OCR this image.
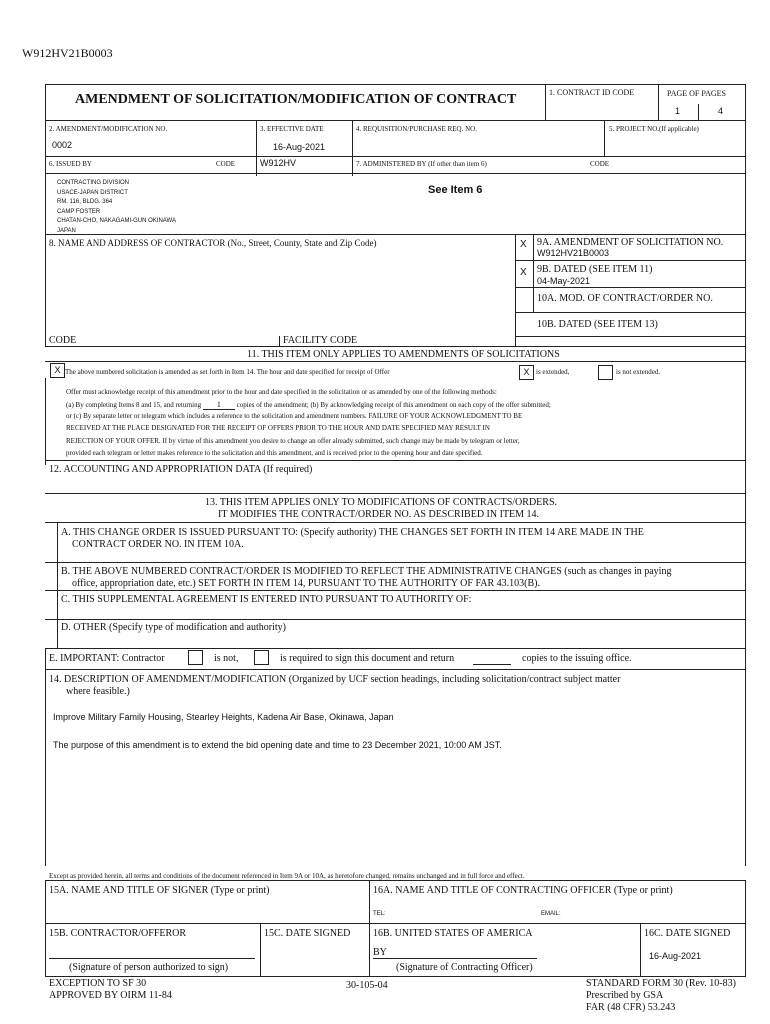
W912HV21B0003
AMENDMENT OF SOLICITATION/MODIFICATION OF CONTRACT	1. CONTRACT ID CODE	PAGE OF PAGES
1	4
2. AMENDMENT/MODIFICATION NO.
0002
3. EFFECTIVE DATE
16-Aug-2021
4. REQUISITION/PURCHASE REQ. NO.	5. PROJECT NO.(If applicable)
6. ISSUED BY	CODE	W912HV	7. ADMINISTERED BY (If other than item 6)	CODE
CONTRACTING DIVISION
USACE-JAPAN DISTRICT
RM. 116, BLDG. 364
CAMP FOSTER
CHATAN-CHO, NAKAGAMI-GUN OKINAWA
JAPAN
See Item 6
8. NAME AND ADDRESS OF CONTRACTOR (No., Street, County, State and Zip Code)	X 9A. AMENDMENT OF SOLICITATION NO.
W912HV21B0003
X 9B. DATED (SEE ITEM 11)
04-May-2021
10A. MOD. OF CONTRACT/ORDER NO.
10B. DATED (SEE ITEM 13)
CODE	FACILITY CODE
11. THIS ITEM ONLY APPLIES TO AMENDMENTS OF SOLICITATIONS
X The above numbered solicitation is amended as set forth in Item 14. The hour and date specified for receipt of Offer	X is extended,	is not extended.
Offer must acknowledge receipt of this amendment prior to the hour and date specified in the solicitation or as amended by one of the following methods:
(a) By completing Items 8 and 15, and returning 1 copies of the amendment; (b) By acknowledging receipt of this amendment on each copy of the offer submitted;
or (c) By separate letter or telegram which includes a reference to the solicitation and amendment numbers. FAILURE OF YOUR ACKNOWLEDGMENT TO BE
RECEIVED AT THE PLACE DESIGNATED FOR THE RECEIPT OF OFFERS PRIOR TO THE HOUR AND DATE SPECIFIED MAY RESULT IN
REJECTION OF YOUR OFFER. If by virtue of this amendment you desire to change an offer already submitted, such change may be made by telegram or letter,
provided each telegram or letter makes reference to the solicitation and this amendment, and is received prior to the opening hour and date specified.
12. ACCOUNTING AND APPROPRIATION DATA (If required)
13. THIS ITEM APPLIES ONLY TO MODIFICATIONS OF CONTRACTS/ORDERS.
IT MODIFIES THE CONTRACT/ORDER NO. AS DESCRIBED IN ITEM 14.
A. THIS CHANGE ORDER IS ISSUED PURSUANT TO: (Specify authority) THE CHANGES SET FORTH IN ITEM 14 ARE MADE IN THE
CONTRACT ORDER NO. IN ITEM 10A.
B. THE ABOVE NUMBERED CONTRACT/ORDER IS MODIFIED TO REFLECT THE ADMINISTRATIVE CHANGES (such as changes in paying
office, appropriation date, etc.) SET FORTH IN ITEM 14, PURSUANT TO THE AUTHORITY OF FAR 43.103(B).
C. THIS SUPPLEMENTAL AGREEMENT IS ENTERED INTO PURSUANT TO AUTHORITY OF:
D. OTHER (Specify type of modification and authority)
E. IMPORTANT: Contractor	is not,	is required to sign this document and return	copies to the issuing office.
14. DESCRIPTION OF AMENDMENT/MODIFICATION (Organized by UCF section headings, including solicitation/contract subject matter
where feasible.)
Improve Military Family Housing, Stearley Heights, Kadena Air Base, Okinawa, Japan
The purpose of this amendment is to extend the bid opening date and time to 23 December 2021, 10:00 AM JST.
Except as provided herein, all terms and conditions of the document referenced in Item 9A or 10A, as heretofore changed, remains unchanged and in full force and effect.
15A. NAME AND TITLE OF SIGNER (Type or print)	16A. NAME AND TITLE OF CONTRACTING OFFICER (Type or print)
TEL:	EMAIL:
15B. CONTRACTOR/OFFEROR	15C. DATE SIGNED 16B. UNITED STATES OF AMERICA	16C. DATE SIGNED
(Signature of person authorized to sign)
BY
(Signature of Contracting Officer)
16-Aug-2021
EXCEPTION TO SF 30
APPROVED BY OIRM 11-84
30-105-04	STANDARD FORM 30 (Rev. 10-83)
Prescribed by GSA
FAR (48 CFR) 53.243
